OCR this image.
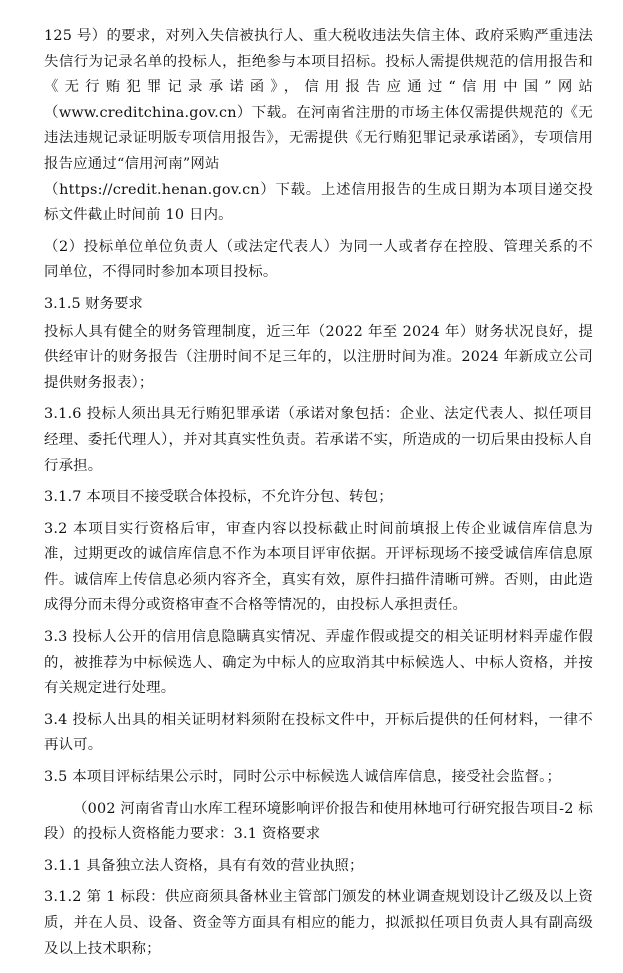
125 号）的要求，对列入失信被执行人、重大税收违法失信主体、政府采购严重违法失信行为记录名单的投标人，拒绝参与本项目招标。投标人需提供规范的信用报告和《无行贿犯罪记录承诺函》，信用报告应通过“信用中国”网站（www.creditchina.gov.cn）下载。在河南省注册的市场主体仅需提供规范的《无违法违规记录证明版专项信用报告》，无需提供《无行贿犯罪记录承诺函》，专项信用报告应通过“信用河南”网站

（https://credit.henan.gov.cn）下载。上述信用报告的生成日期为本项目递交投标文件截止时间前 10 日内。

（2）投标单位单位负责人（或法定代表人）为同一人或者存在控股、管理关系的不同单位，不得同时参加本项目投标。

3.1.5 财务要求

投标人具有健全的财务管理制度，近三年（2022 年至 2024 年）财务状况良好，提供经审计的财务报告（注册时间不足三年的，以注册时间为准。2024 年新成立公司提供财务报表）；

3.1.6 投标人须出具无行贿犯罪承诺（承诺对象包括：企业、法定代表人、拟任项目经理、委托代理人），并对其真实性负责。若承诺不实，所造成的一切后果由投标人自行承担。

3.1.7 本项目不接受联合体投标，不允许分包、转包；

3.2 本项目实行资格后审，审查内容以投标截止时间前填报上传企业诚信库信息为准，过期更改的诚信库信息不作为本项目评审依据。开评标现场不接受诚信库信息原件。诚信库上传信息必须内容齐全，真实有效，原件扫描件清晰可辨。否则，由此造成得分而未得分或资格审查不合格等情况的，由投标人承担责任。

3.3 投标人公开的信用信息隐瞒真实情况、弄虚作假或提交的相关证明材料弄虚作假的，被推荐为中标候选人、确定为中标人的应取消其中标候选人、中标人资格，并按有关规定进行处理。

3.4 投标人出具的相关证明材料须附在投标文件中，开标后提供的任何材料，一律不再认可。

3.5 本项目评标结果公示时，同时公示中标候选人诚信库信息，接受社会监督。；

（002 河南省青山水库工程环境影响评价报告和使用林地可行研究报告项目-2 标段）的投标人资格能力要求：3.1 资格要求

3.1.1 具备独立法人资格，具有有效的营业执照；

3.1.2 第 1 标段：供应商须具备林业主管部门颁发的林业调查规划设计乙级及以上资质，并在人员、设备、资金等方面具有相应的能力，拟派拟任项目负责人具有副高级及以上技术职称；
